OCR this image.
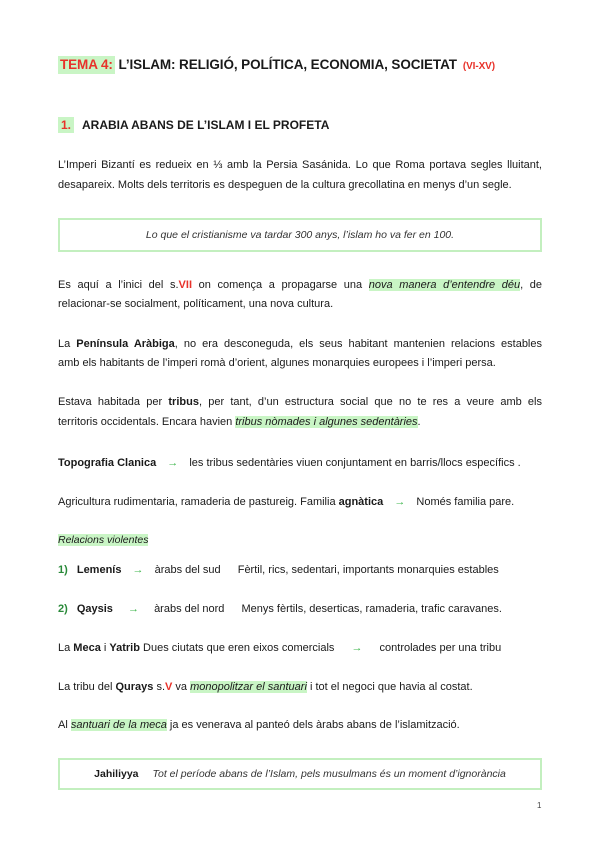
TEMA 4: L’ISLAM: RELIGIÓ, POLÍTICA, ECONOMIA, SOCIETAT (VI-XV)
1. ARABIA ABANS DE L’ISLAM I EL PROFETA
L’Imperi Bizantí es redueix en ⅓ amb la Persia Sasánida. Lo que Roma portava segles lluitant,
desapareix. Molts dels territoris es despeguen de la cultura grecollatina en menys d’un segle.
Lo que el cristianisme va tardar 300 anys, l’islam ho va fer en 100.
Es aquí a l’inici del s.VII on comença a propagarse una nova manera d’entendre déu, de
relacionar-se socialment, políticament, una nova cultura.
La Península Aràbiga, no era desconeguda, els seus habitant mantenien relacions estables
amb els habitants de l’imperi romà d’orient, algunes monarquies europees i l’imperi persa.
Estava habitada per tribus, per tant, d’un estructura social que no te res a veure amb els
territoris occidentals. Encara havien tribus nòmades i algunes sedentàries.
Topografia Clanica → les tribus sedentàries viuen conjuntament en barris/llocs específics .
Agricultura rudimentaria, ramaderia de pastureig. Familia agnàtica → Només familia pare.
Relacions violentes
1) Lemenís → àrabs del sud Fèrtil, rics, sedentari, importants monarquies estables
2) Qaysis → àrabs del nord Menys fèrtils, deserticas, ramaderia, trafic caravanes.
La Meca i Yatrib Dues ciutats que eren eixos comercials → controlades per una tribu
La tribu del Qurays s.V va monopolitzar el santuari i tot el negoci que havia al costat.
Al santuari de la meca ja es venerava al panteó dels àrabs abans de l’islamització.
Jahiliyya Tot el període abans de l’Islam, pels musulmans és un moment d’ignorància
1
